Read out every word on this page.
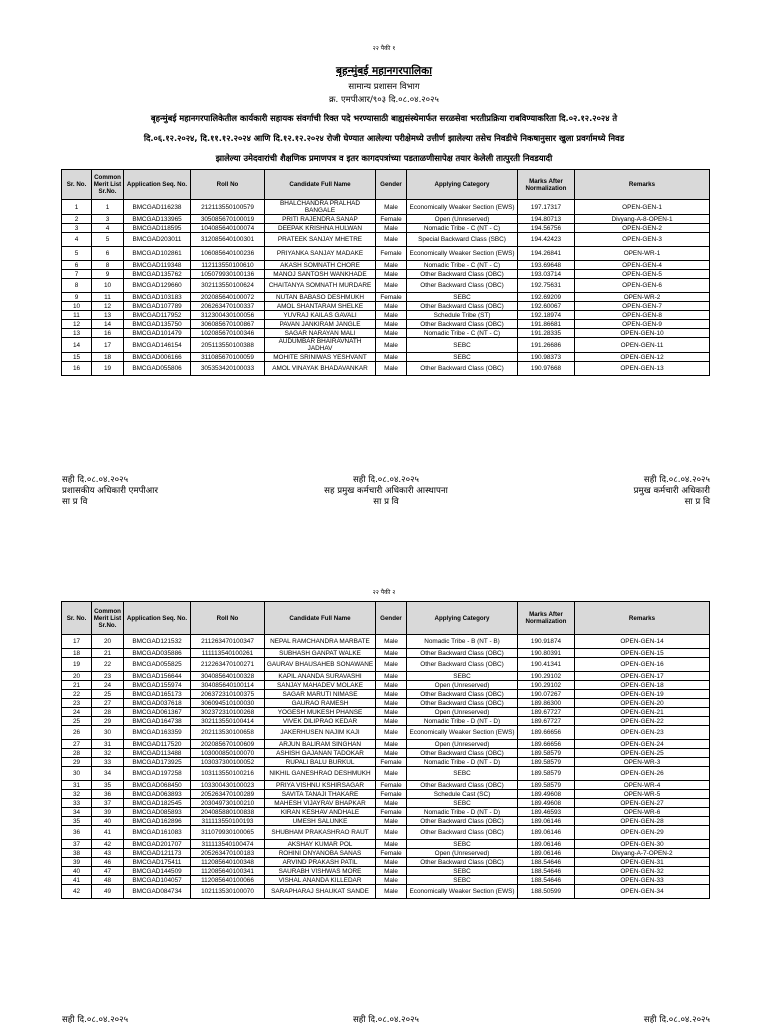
२२ पैकी १
बृहन्मुंबई महानगरपालिका
सामान्य प्रशासन विभाग
क्र. एमपीआर/९०३ दि.०८.०४.२०२५
बृहन्मुंबई महानगरपालिकेतील कार्यकारी सहायक संवर्गाची रिक्त पदे भरण्यासाठी बाह्यसंस्थेमार्फत सरळसेवा भरतीप्रक्रिया राबविण्याकरिता दि.०२.१२.२०२४ ते
दि.०६.१२.२०२४, दि.११.१२.२०२४ आणि दि.१२.१२.२०२४ रोजी घेण्यात आलेल्या परीक्षेमध्ये उत्तीर्ण झालेल्या तसेच निवडीचे निकषानुसार खुला प्रवर्गामध्ये निवड
झालेल्या उमेदवारांची शैक्षणिक प्रमाणपत्र व इतर कागदपत्रांच्या पडताळणीसापेक्ष तयार केलेली तात्पुरती निवडयादी
Sr. No.	Common Merit List Sr.No.	Application Seq. No.	Roll No	Candidate Full Name	Gender	Applying Category	Marks After Normalization	Remarks
1	1	BMCGAD116238	212113550100579	BHALCHANDRA PRALHAD BANGALE	Male	Economically Weaker Section (EWS)	197.17317	OPEN-GEN-1
2	3	BMCGAD133965	305085670100019	PRITI RAJENDRA SANAP	Female	Open (Unreserved)	194.80713	Divyang-A-8-OPEN-1
3	4	BMCGAD118595	104085640100074	DEEPAK KRISHNA HULWAN	Male	Nomadic Tribe - C (NT - C)	194.56756	OPEN-GEN-2
4	5	BMCGAD203011	312085640100301	PRATEEK SANJAY MHETRE	Male	Special Backward Class (SBC)	194.42423	OPEN-GEN-3
5	6	BMCGAD102861	106085640100236	PRIYANKA SANJAY MADAKE	Female	Economically Weaker Section (EWS)	194.26841	OPEN-WR-1
6	8	BMCGAD119348	112113550100610	AKASH SOMNATH CHORE	Male	Nomadic Tribe - C (NT - C)	193.69648	OPEN-GEN-4
7	9	BMCGAD135762	105079930100136	MANOJ SANTOSH WANKHADE	Male	Other Backward Class (OBC)	193.03714	OPEN-GEN-5
8	10	BMCGAD129660	302113550100624	CHAITANYA SOMNATH MURDARE	Male	Other Backward Class (OBC)	192.75631	OPEN-GEN-6
9	11	BMCGAD103183	202085640100072	NUTAN BABASO DESHMUKH	Female	SEBC	192.69209	OPEN-WR-2
10	12	BMCGAD107789	206263470100337	AMOL SHANTARAM SHELKE	Male	Other Backward Class (OBC)	192.60067	OPEN-GEN-7
11	13	BMCGAD117952	312300430100056	YUVRAJ KAILAS GAVALI	Male	Schedule Tribe (ST)	192.18974	OPEN-GEN-8
12	14	BMCGAD135750	306085670100867	PAVAN JANKIRAM JANGLE	Male	Other Backward Class (OBC)	191.86681	OPEN-GEN-9
13	16	BMCGAD101479	102085670100346	SAGAR NARAYAN MALI	Male	Nomadic Tribe - C (NT - C)	191.28335	OPEN-GEN-10
14	17	BMCGAD146154	205113550100388	AUDUMBAR BHAIRAVNATH JADHAV	Male	SEBC	191.26686	OPEN-GEN-11
15	18	BMCGAD006166	311085670100059	MOHITE SRINIWAS YESHVANT	Male	SEBC	190.98373	OPEN-GEN-12
16	19	BMCGAD055806	305353420100033	AMOL VINAYAK BHADAVANKAR	Male	Other Backward Class (OBC)	190.97668	OPEN-GEN-13
सही दि.०८.०४.२०२५
प्रशासकीय अधिकारी एमपीआर
सा प्र वि
सही दि.०८.०४.२०२५
सह प्रमुख कर्मचारी अधिकारी आस्थापना
सा प्र वि
सही दि.०८.०४.२०२५
प्रमुख कर्मचारी अधिकारी
सा प्र वि
२२ पैकी २
Sr. No.	Common Merit List Sr.No.	Application Seq. No.	Roll No	Candidate Full Name	Gender	Applying Category	Marks After Normalization	Remarks
17	20	BMCGAD121532	211263470100347	NEPAL RAMCHANDRA MARBATE	Male	Nomadic Tribe - B (NT - B)	190.91874	OPEN-GEN-14
18	21	BMCGAD035886	111113540100261	SUBHASH GANPAT WALKE	Male	Other Backward Class (OBC)	190.80391	OPEN-GEN-15
19	22	BMCGAD055825	212263470100271	GAURAV BHAUSAHEB SONAWANE	Male	Other Backward Class (OBC)	190.41341	OPEN-GEN-16
20	23	BMCGAD156644	304085640100328	KAPIL ANANDA SURAVASHI	Male	SEBC	190.29102	OPEN-GEN-17
21	24	BMCGAD155974	304085640100114	SANJAY MAHADEV MOLAKE	Male	Open (Unreserved)	190.29102	OPEN-GEN-18
22	25	BMCGAD165173	206372310100375	SAGAR MARUTI NIMASE	Male	Other Backward Class (OBC)	190.07267	OPEN-GEN-19
23	27	BMCGAD037618	306094510100030	GAURAO RAMESH	Male	Other Backward Class (OBC)	189.86300	OPEN-GEN-20
24	28	BMCGAD061367	302372310100268	YOGESH MUKESH PHANSE	Male	Open (Unreserved)	189.67727	OPEN-GEN-21
25	29	BMCGAD164738	302113550100414	VIVEK DILIPRAO KEDAR	Male	Nomadic Tribe - D (NT - D)	189.67727	OPEN-GEN-22
26	30	BMCGAD163359	202113530100658	JAKERHUSEN NAJIM KAJI	Male	Economically Weaker Section (EWS)	189.66656	OPEN-GEN-23
27	31	BMCGAD117520	202085670100609	ARJUN BALIRAM SINGHAN	Male	Open (Unreserved)	189.66656	OPEN-GEN-24
28	32	BMCGAD113488	103000850100070	ASHISH GAJANAN TADOKAR	Male	Other Backward Class (OBC)	189.58579	OPEN-GEN-25
29	33	BMCGAD173925	103037300100052	RUPALI BALU BURKUL	Female	Nomadic Tribe - D (NT - D)	189.58579	OPEN-WR-3
30	34	BMCGAD197258	103113550100216	NIKHIL GANESHRAO DESHMUKH	Male	SEBC	189.58579	OPEN-GEN-26
31	35	BMCGAD068450	103300430100023	PRIYA VISHNU KSHIRSAGAR	Female	Other Backward Class (OBC)	189.58579	OPEN-WR-4
32	36	BMCGAD063893	205263470100289	SAVITA TANAJI THAKARE	Female	Schedule Cast (SC)	189.49608	OPEN-WR-5
33	37	BMCGAD182545	203049730100210	MAHESH VIJAYRAV BHAPKAR	Male	SEBC	189.49608	OPEN-GEN-27
34	39	BMCGAD085893	204085880100838	KIRAN KESHAV ANDHALE	Female	Nomadic Tribe - D (NT - D)	189.46593	OPEN-WR-6
35	40	BMCGAD162896	311113550100193	UMESH SALUNKE	Male	Other Backward Class (OBC)	189.06146	OPEN-GEN-28
36	41	BMCGAD161083	311079930100065	SHUBHAM PRAKASHRAO RAUT	Male	Other Backward Class (OBC)	189.06146	OPEN-GEN-29
37	42	BMCGAD201707	311113540100474	AKSHAY KUMAR POL	Male	SEBC	189.06146	OPEN-GEN-30
38	43	BMCGAD121173	205263470100183	ROHINI DNYANOBA SANAS	Female	Open (Unreserved)	189.06146	Divyang-A-7-OPEN-2
39	46	BMCGAD175411	112085640100348	ARVIND PRAKASH PATIL	Male	Other Backward Class (OBC)	188.54646	OPEN-GEN-31
40	47	BMCGAD144509	112085640100341	SAURABH VISHWAS MORE	Male	SEBC	188.54646	OPEN-GEN-32
41	48	BMCGAD104057	112085640100066	VISHAL ANANDA KILLEDAR	Male	SEBC	188.54646	OPEN-GEN-33
42	49	BMCGAD084734	102113530100070	SARAPHARAJ SHAUKAT SANDE	Male	Economically Weaker Section (EWS)	188.50599	OPEN-GEN-34
सही दि.०८.०४.२०२५	सही दि.०८.०४.२०२५	सही दि.०८.०४.२०२५
